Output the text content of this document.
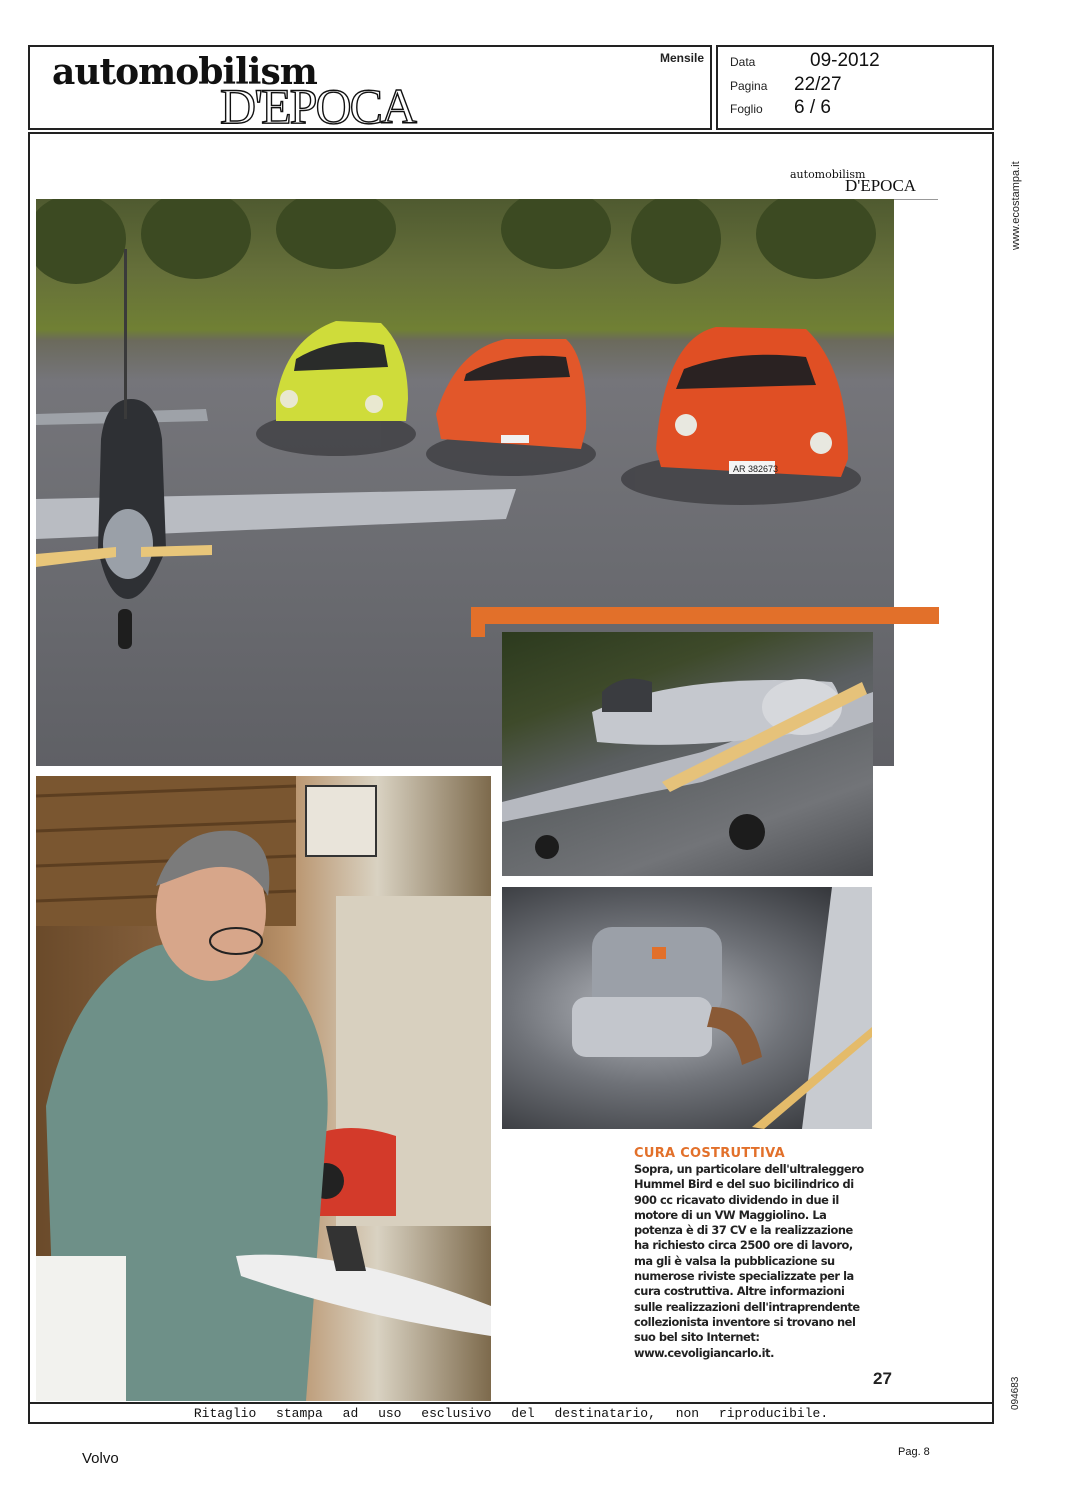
automobilism
D'EPOCA
Mensile Data	09-2012
Pagina 22/27
Foglio 6 / 6
www.ecostampa.it
automobilism
D'EPOCA
AR 382673
CURA COSTRUTTIVA
Sopra, un particolare dell'ultraleggero Hummel Bird e del suo bicilindrico di 900 cc ricavato dividendo in due il motore di un VW Maggiolino. La potenza è di 37 CV e la realizzazione ha richiesto circa 2500 ore di lavoro, ma gli è valsa la pubblicazione su numerose riviste specializzate per la cura costruttiva. Altre informazioni sulle realizzazioni dell'intraprendente collezionista inventore si trovano nel suo bel sito Internet: www.cevoligiancarlo.it.
27	094683
Ritaglio stampa ad uso esclusivo del destinatario, non riproducibile.
Volvo	Pag. 8
